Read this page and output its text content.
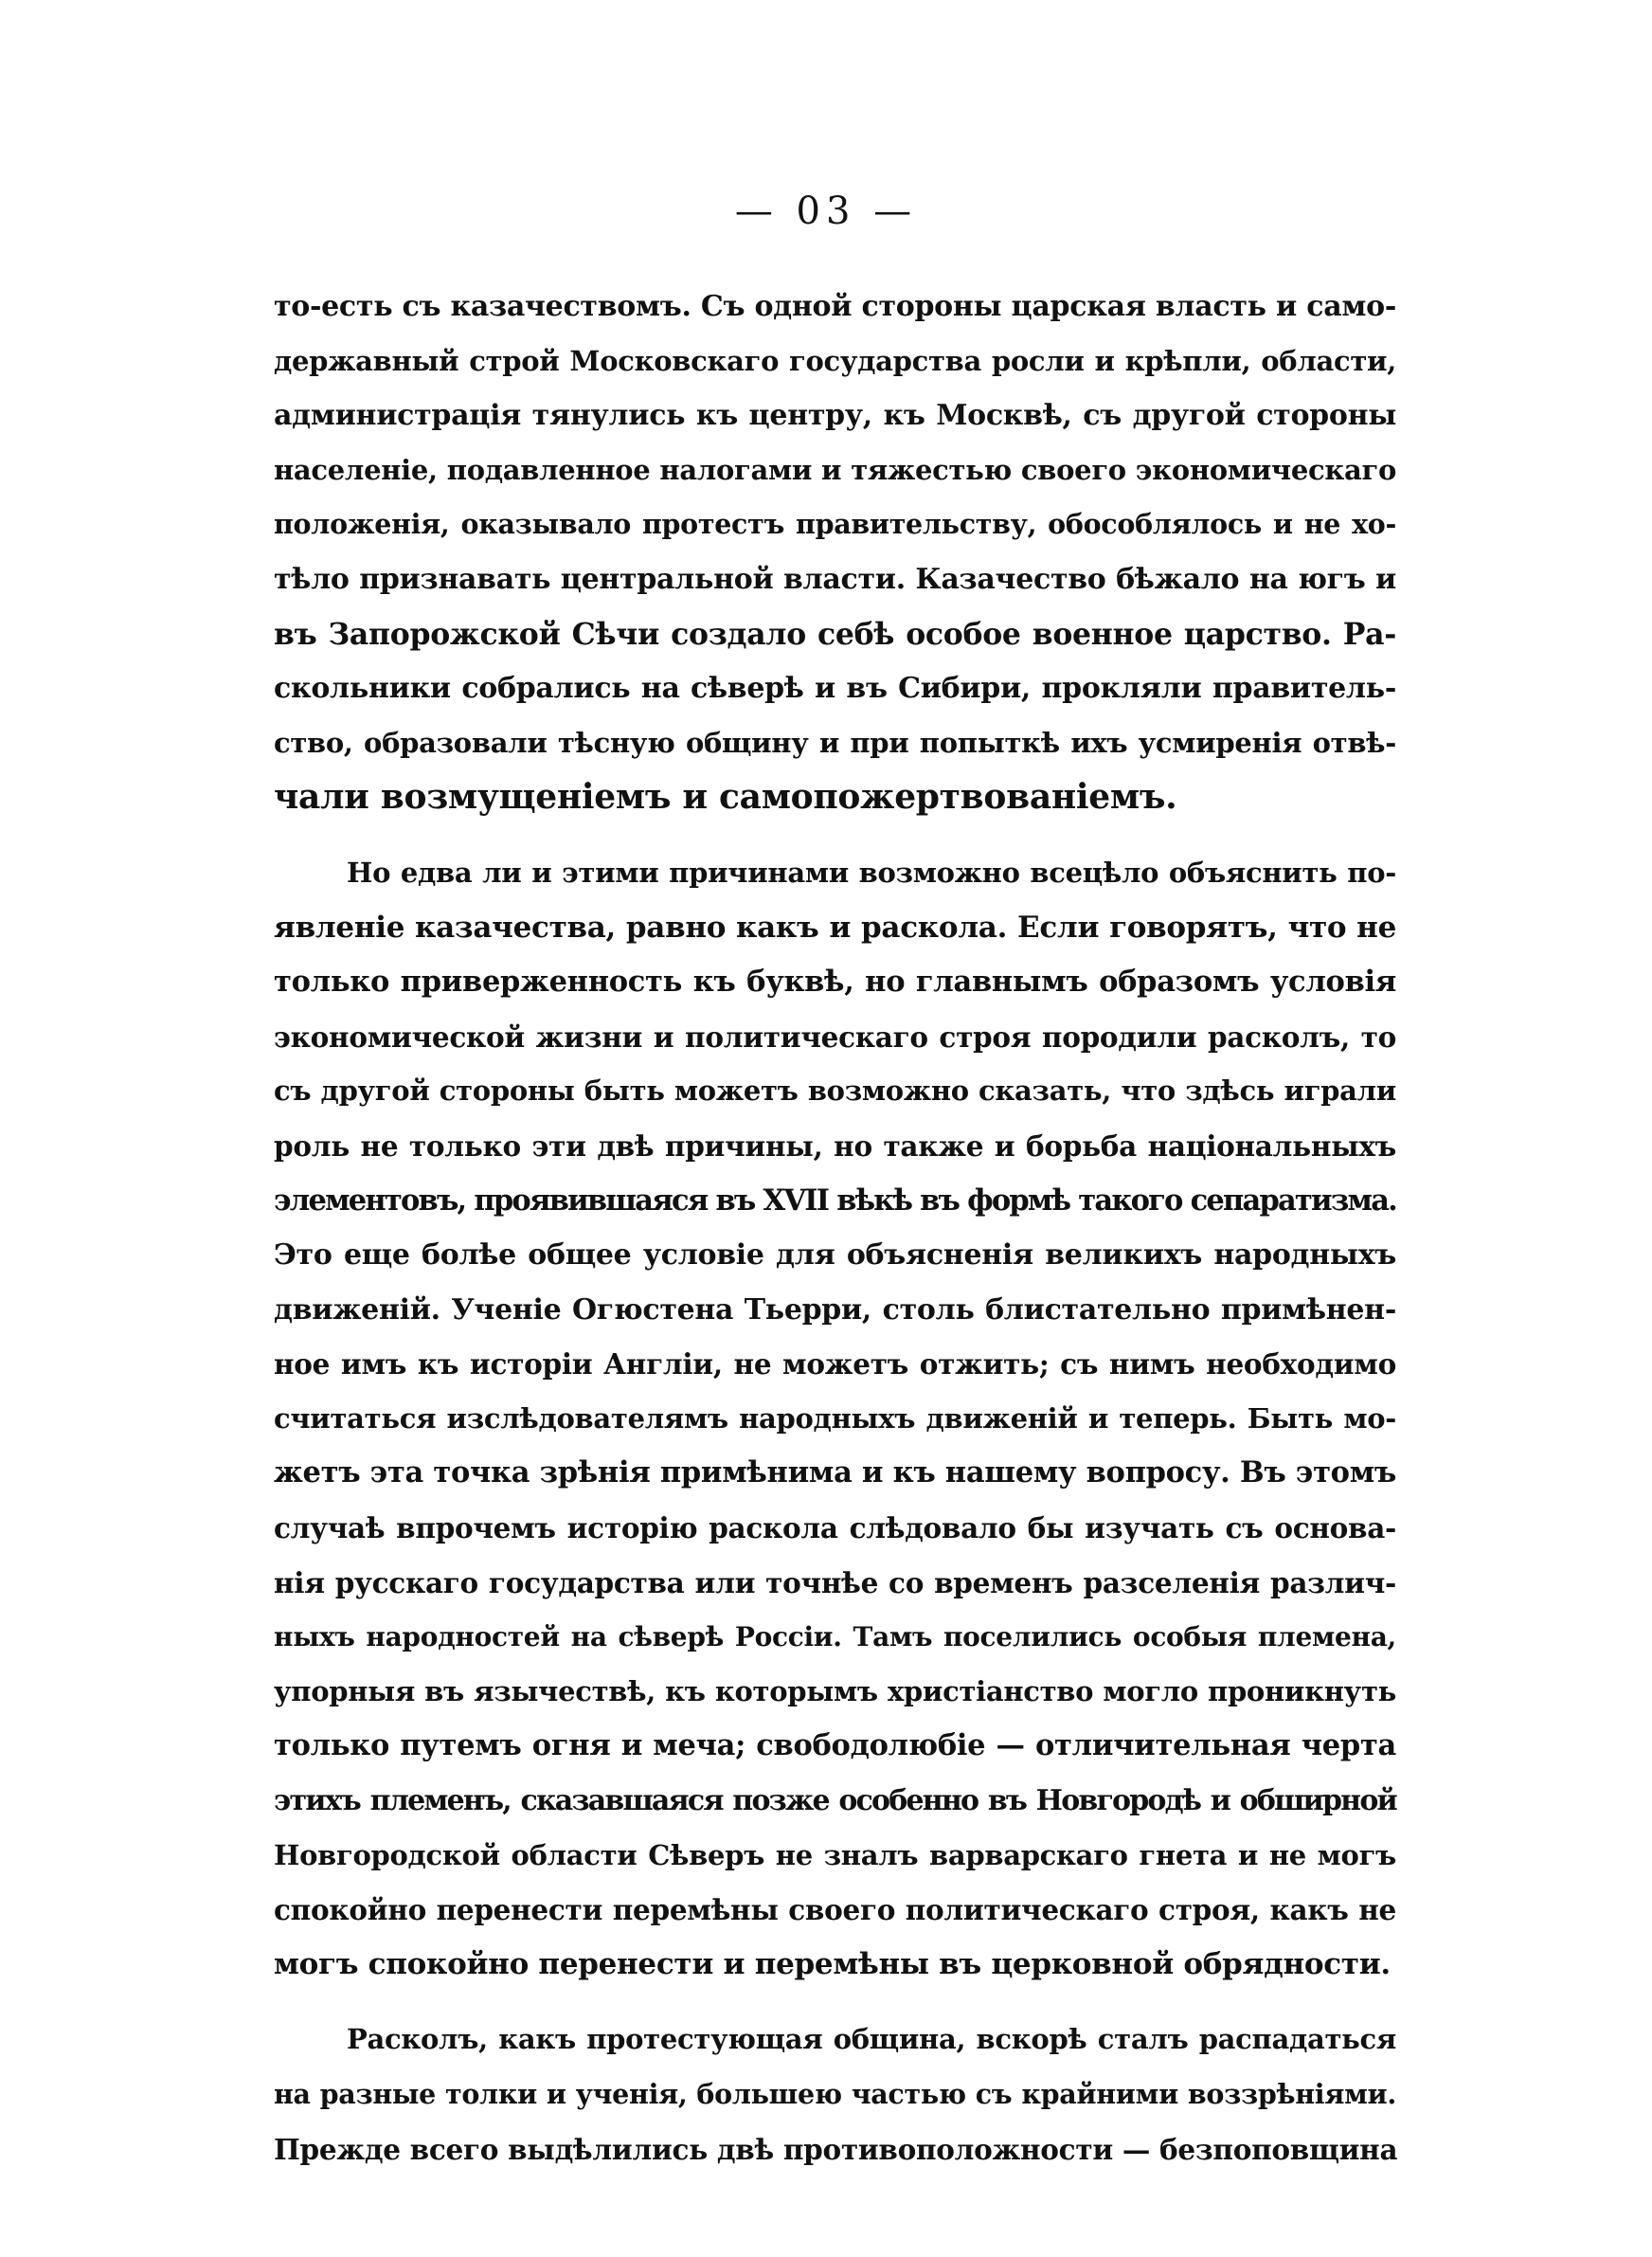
— 03 —
то-есть съ казачествомъ. Съ одной стороны царская власть и само-
державный строй Московскаго государства росли и крѣпли, области,
администрація тянулись къ центру, къ Москвѣ, съ другой стороны
населеніе, подавленное налогами и тяжестью своего экономическаго
положенія, оказывало протестъ правительству, обособлялось и не хо-
тѣло признавать центральной власти. Казачество бѣжало на югъ и
въ Запорожской Сѣчи создало себѣ особое военное царство. Ра-
скольники собрались на сѣверѣ и въ Сибири, прокляли правитель-
ство, образовали тѣсную общину и при попыткѣ ихъ усмиренія отвѣ-
чали возмущеніемъ и самопожертвованіемъ.
Но едва ли и этими причинами возможно всецѣло объяснить по-
явленіе казачества, равно какъ и раскола. Если говорятъ, что не
только приверженность къ буквѣ, но главнымъ образомъ условія
экономической жизни и политическаго строя породили расколъ, то
съ другой стороны быть можетъ возможно сказать, что здѣсь играли
роль не только эти двѣ причины, но также и борьба національныхъ
элементовъ, проявившаяся въ XVII вѣкѣ въ формѣ такого сепаратизма.
Это еще болѣе общее условіе для объясненія великихъ народныхъ
движеній. Ученіе Огюстена Тьерри, столь блистательно примѣнен-
ное имъ къ исторіи Англіи, не можетъ отжить; съ нимъ необходимо
считаться изслѣдователямъ народныхъ движеній и теперь. Быть мо-
жетъ эта точка зрѣнія примѣнима и къ нашему вопросу. Въ этомъ
случаѣ впрочемъ исторію раскола слѣдовало бы изучать съ основа-
нія русскаго государства или точнѣе со временъ разселенія различ-
ныхъ народностей на сѣверѣ Россіи. Тамъ поселились особыя племена,
упорныя въ язычествѣ, къ которымъ христіанство могло проникнуть
только путемъ огня и меча; свободолюбіе — отличительная черта
этихъ племенъ, сказавшаяся позже особенно въ Новгородѣ и обширной
Новгородской области Сѣверъ не зналъ варварскаго гнета и не могъ
спокойно перенести перемѣны своего политическаго строя, какъ не
могъ спокойно перенести и перемѣны въ церковной обрядности.
Расколъ, какъ протестующая община, вскорѣ сталъ распадаться
на разные толки и ученія, большею частью съ крайними воззрѣніями.
Прежде всего выдѣлились двѣ противоположности — безпоповщина
